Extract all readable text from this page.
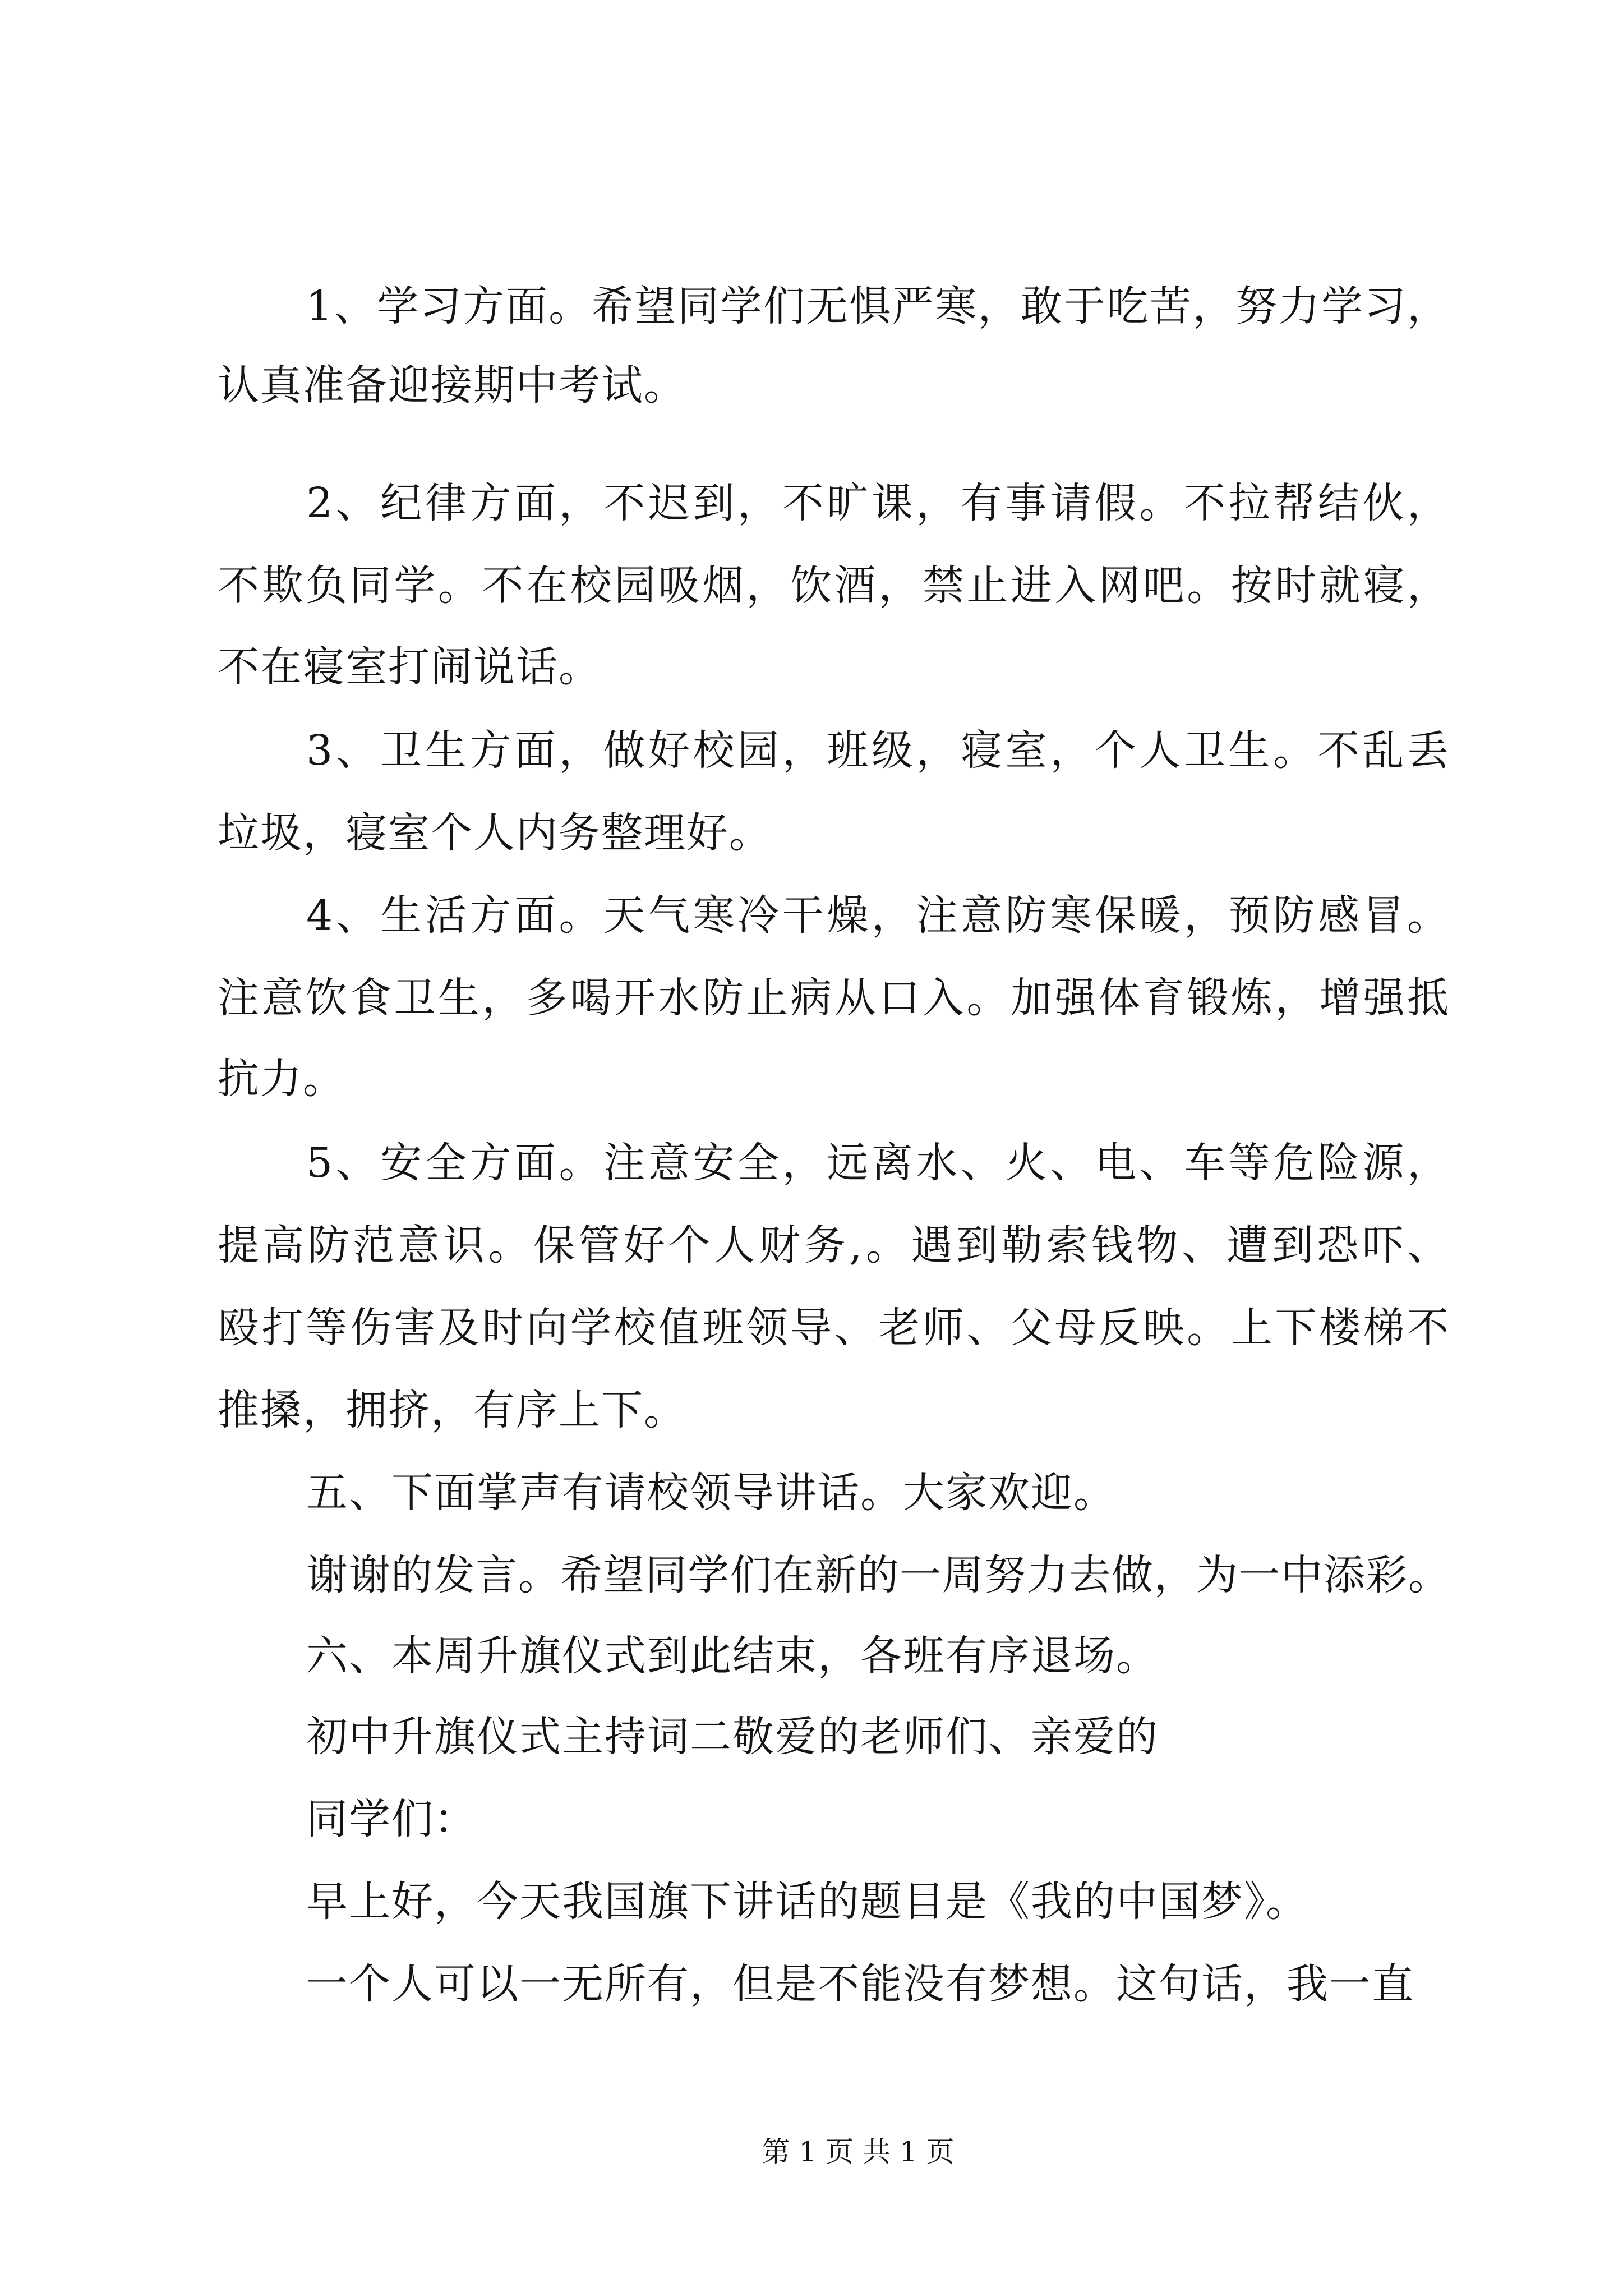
1、学习方面。希望同学们无惧严寒，敢于吃苦，努力学习，
认真准备迎接期中考试。
2、纪律方面，不迟到，不旷课，有事请假。不拉帮结伙，
不欺负同学。不在校园吸烟，饮酒，禁止进入网吧。按时就寝，
不在寝室打闹说话。
3、卫生方面，做好校园，班级，寝室，个人卫生。不乱丢
垃圾，寝室个人内务整理好。
4、生活方面。天气寒冷干燥，注意防寒保暖，预防感冒。
注意饮食卫生，多喝开水防止病从口入。加强体育锻炼，增强抵
抗力。
5、安全方面。注意安全，远离水、火、电、车等危险源，
提高防范意识。保管好个人财务,。遇到勒索钱物、遭到恐吓、
殴打等伤害及时向学校值班领导、老师、父母反映。上下楼梯不
推搡，拥挤，有序上下。
五、下面掌声有请校领导讲话。大家欢迎。
谢谢的发言。希望同学们在新的一周努力去做，为一中添彩。
六、本周升旗仪式到此结束，各班有序退场。
初中升旗仪式主持词二敬爱的老师们、亲爱的
同学们：
早上好，今天我国旗下讲话的题目是《我的中国梦》。
一个人可以一无所有，但是不能没有梦想。这句话，我一直
第 1 页 共 1 页
